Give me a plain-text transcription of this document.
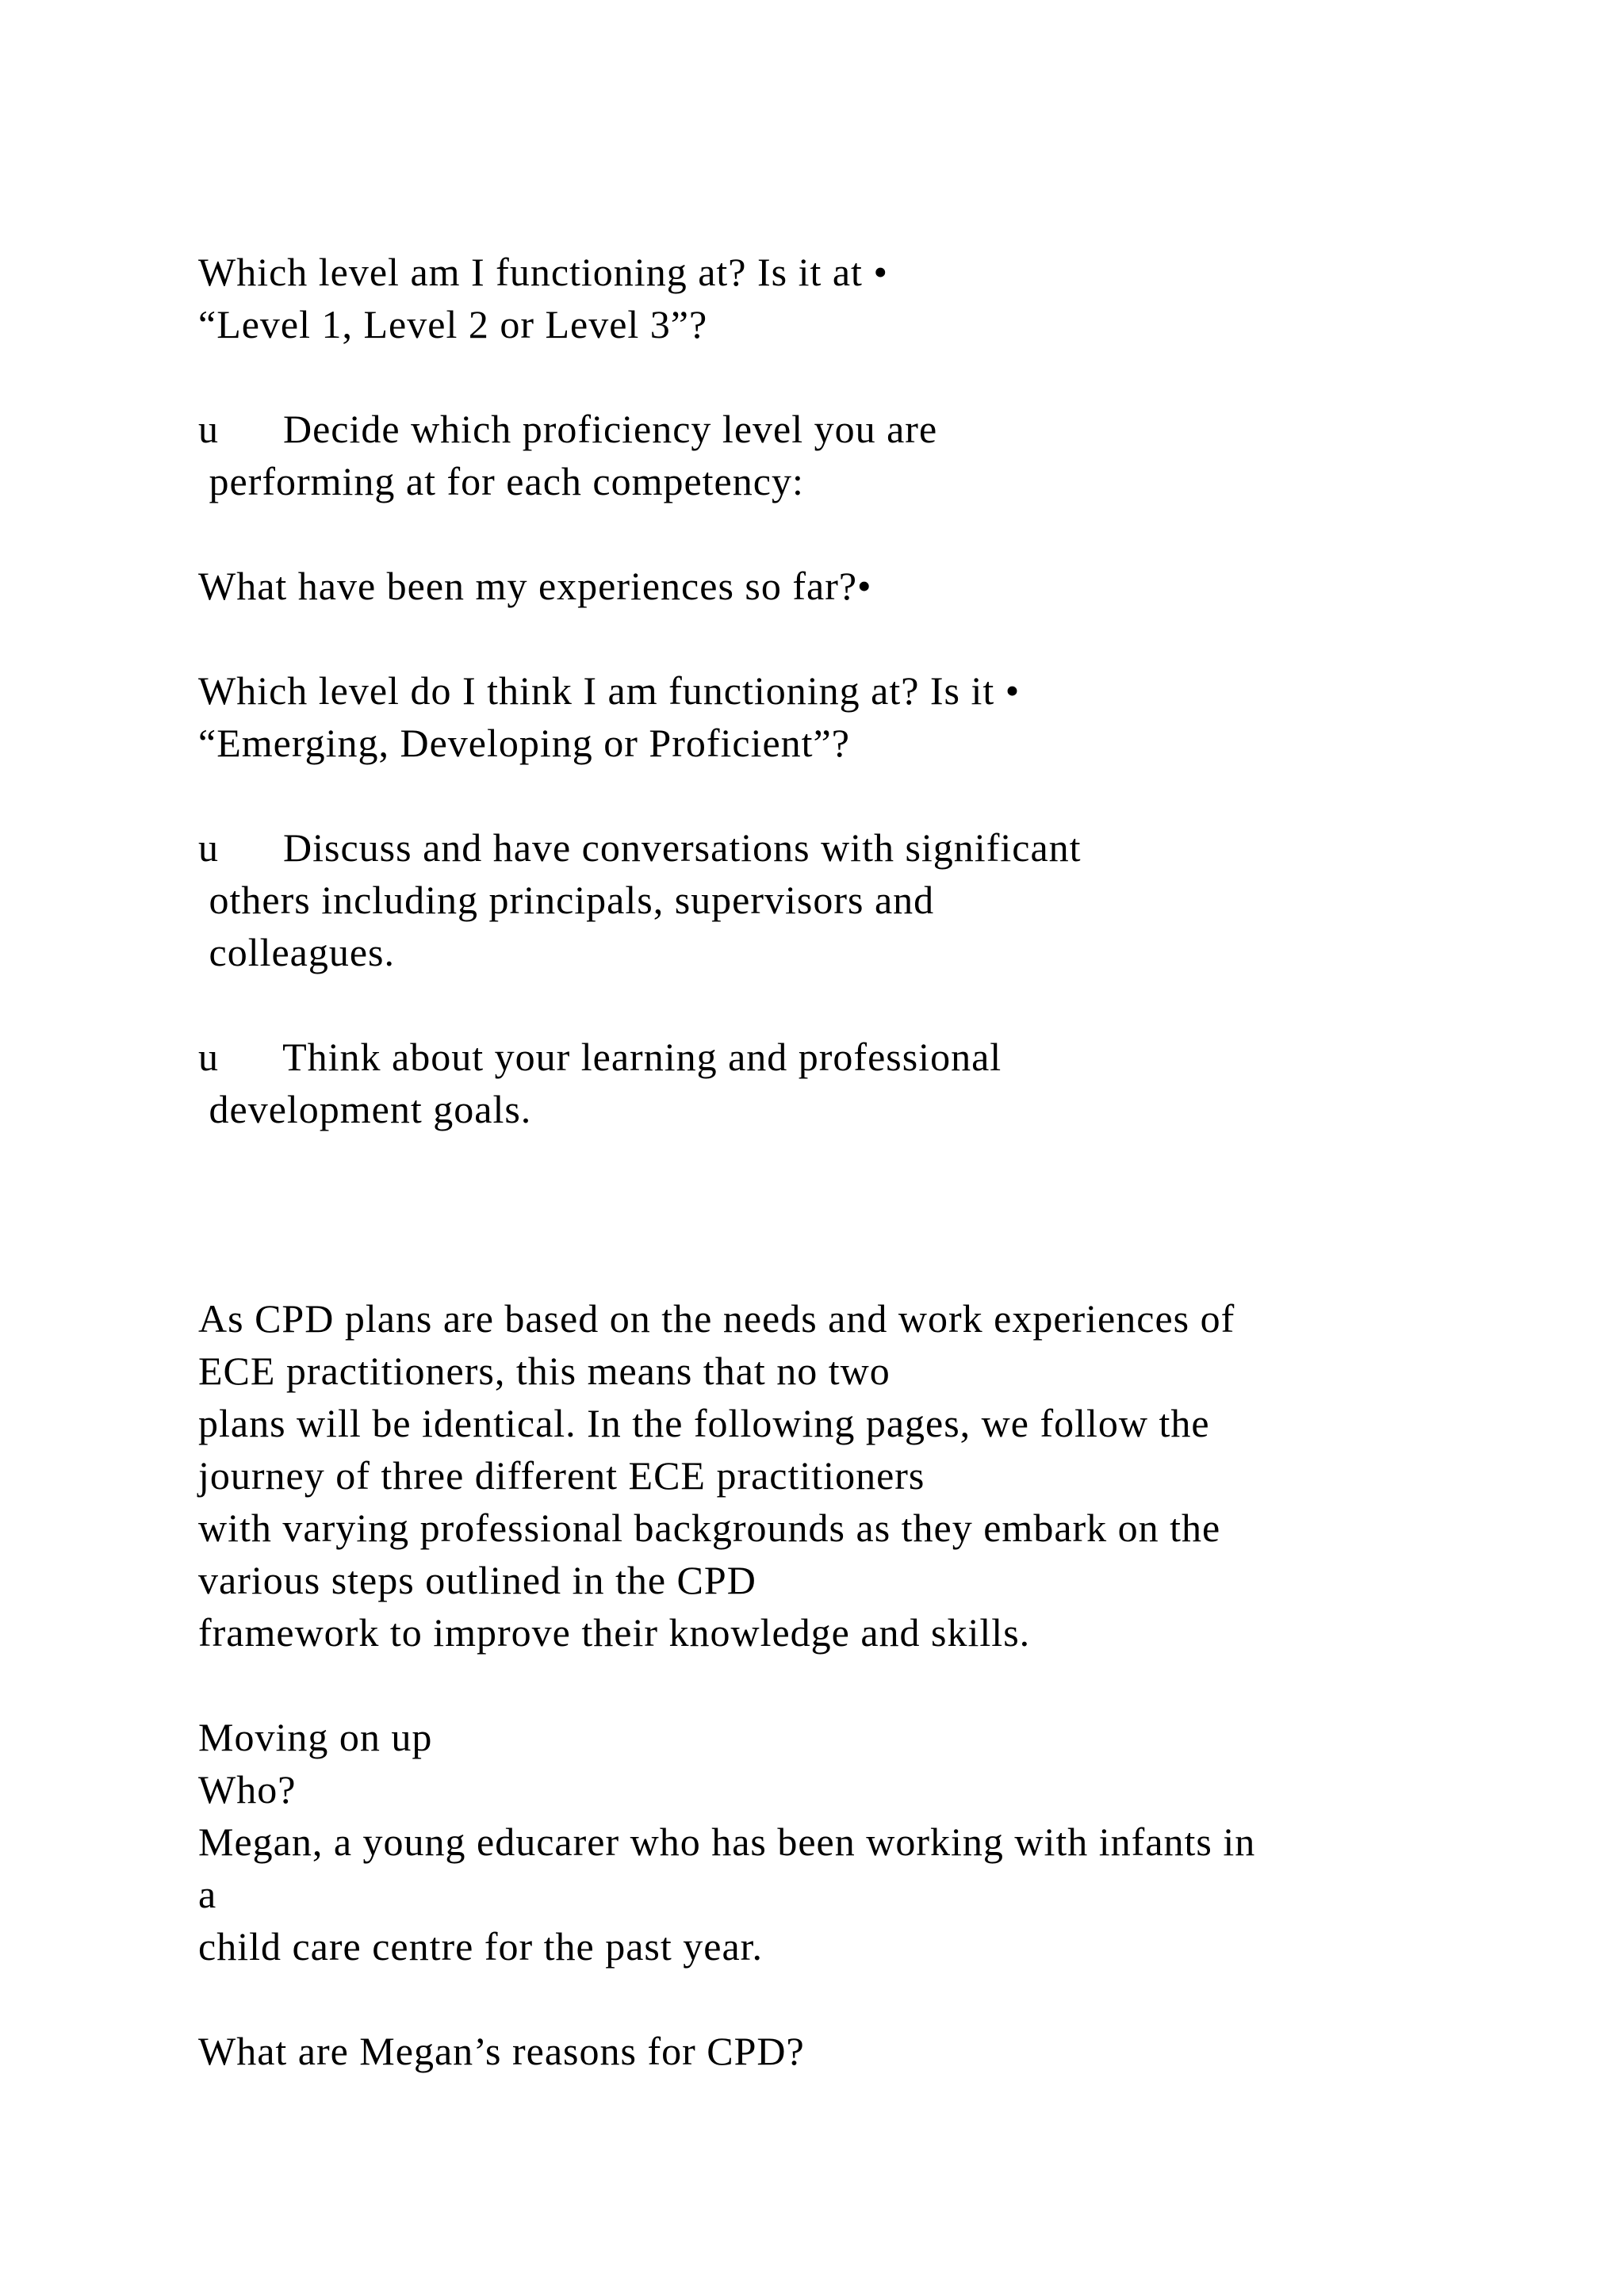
Which level am I functioning at? Is it at •
“Level 1, Level 2 or Level 3”?
u      Decide which proficiency level you are
performing at for each competency:
What have been my experiences so far?•
Which level do I think I am functioning at? Is it •
“Emerging, Developing or Proficient”?
u      Discuss and have conversations with significant
others including principals, supervisors and
colleagues.
u      Think about your learning and professional
development goals.
As CPD plans are based on the needs and work experiences of
ECE practitioners, this means that no two
plans will be identical. In the following pages, we follow the
journey of three different ECE practitioners
with varying professional backgrounds as they embark on the
various steps outlined in the CPD
framework to improve their knowledge and skills.
Moving on up
Who?
Megan, a young educarer who has been working with infants in
a
child care centre for the past year.
What are Megan’s reasons for CPD?
